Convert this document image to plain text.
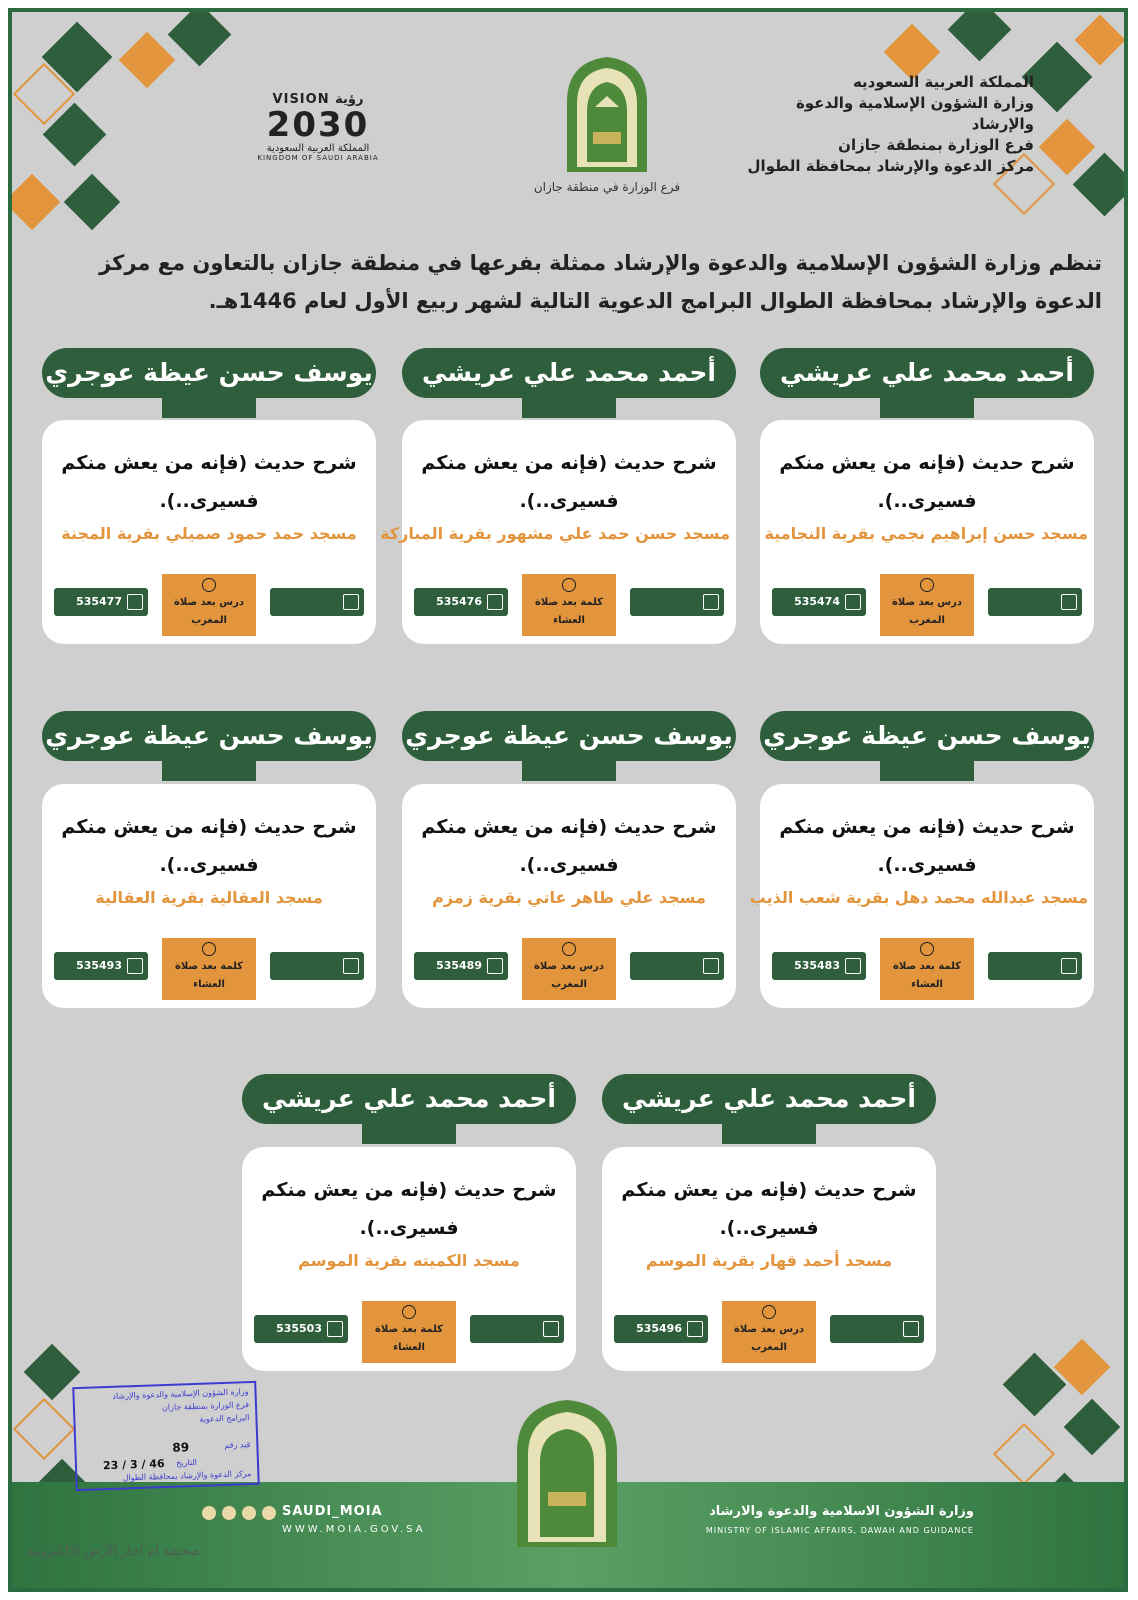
المملكة العربية السعوديه
وزارة الشؤون الإسلامية والدعوة
والإرشاد
فرع الوزارة بمنطقة جازان
مركز الدعوة والإرشاد بمحافظة الطوال
فرع الوزارة في منطقة جازان
VISION رؤية
2030
المملكة العربية السعودية
KINGDOM OF SAUDI ARABIA
تنظم وزارة الشؤون الإسلامية والدعوة والإرشاد ممثلة بفرعها في منطقة جازان بالتعاون مع مركز
الدعوة والإرشاد بمحافظة الطوال البرامج الدعوية التالية لشهر ربيع الأول لعام 1446هـ.
أحمد محمد علي عريشي
شرح حديث (فإنه من يعش منكم
فسيرى..).
مسجد حسن إبراهيم نجمي بقرية النجامية
1446/3/26هـ
درس بعد صلاة
المغرب
535474
أحمد محمد علي عريشي
شرح حديث (فإنه من يعش منكم
فسيرى..).
مسجد حسن حمد علي مشهور بقرية المباركة
1446/3/26هـ
كلمة بعد صلاة
العشاء
535476
يوسف حسن عيظة عوجري
شرح حديث (فإنه من يعش منكم
فسيرى..).
مسجد حمد حمود صميلي بقرية المجنة
1446/3/26هـ
درس بعد صلاة
المغرب
535477
يوسف حسن عيظة عوجري
شرح حديث (فإنه من يعش منكم
فسيرى..).
مسجد عبدالله محمد دهل بقرية شعب الذيب
1446/3/26هـ
كلمة بعد صلاة
العشاء
535483
يوسف حسن عيظة عوجري
شرح حديث (فإنه من يعش منكم
فسيرى..).
مسجد علي طاهر عاتي بقرية زمزم
1446/3/27هـ
درس بعد صلاة
المغرب
535489
يوسف حسن عيظة عوجري
شرح حديث (فإنه من يعش منكم
فسيرى..).
مسجد العقالية بقرية العقالية
1446/3/27هـ
كلمة بعد صلاة
العشاء
535493
أحمد محمد علي عريشي
شرح حديث (فإنه من يعش منكم
فسيرى..).
مسجد أحمد قهار بقرية الموسم
1446/3/27هـ
درس بعد صلاة
المغرب
535496
أحمد محمد علي عريشي
شرح حديث (فإنه من يعش منكم
فسيرى..).
مسجد الكميته بقرية الموسم
1446/3/27هـ
كلمة بعد صلاة
العشاء
535503
SAUDI_MOIA
WWW.MOIA.GOV.SA
وزارة الشؤون الاسلامية والدعوة والارشاد
MINISTRY OF ISLAMIC AFFAIRS, DAWAH AND GUIDANCE
وزارة الشؤون الإسلامية والدعوة والإرشاد
فرع الوزارة بمنطقة جازان
البرامج الدعوية
قيد رقم
89
التاريخ
46 / 3 / 23
مركز الدعوة والإرشاد بمحافظة الطوال
صحيفة أم أحار الأرض الإلكترونية
